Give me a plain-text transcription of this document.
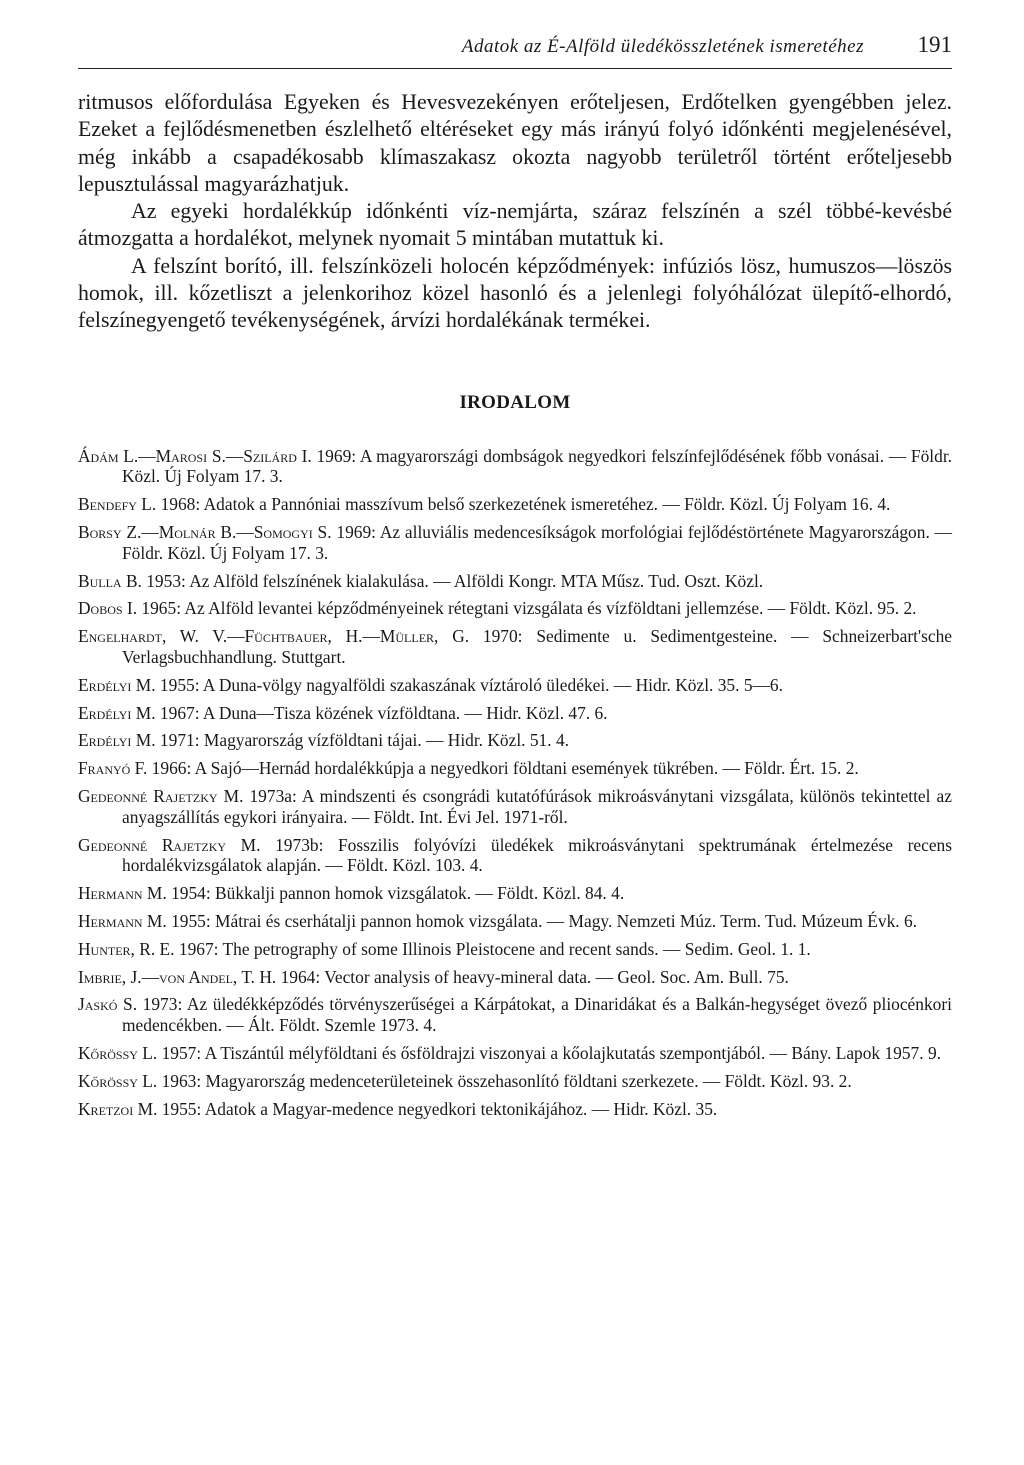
Adatok az É-Alföld üledékösszletének ismeretéhez 191

ritmusos előfordulása Egyeken és Hevesvezekényen erőteljesen, Erdőtelken gyengébben jelez. Ezeket a fejlődésmenetben észlelhető eltéréseket egy más irányú folyó időnkénti megjelenésével, még inkább a csapadékosabb klímaszakasz okozta nagyobb területről történt erőteljesebb lepusztulással magyarázhatjuk.

Az egyeki hordalékkúp időnkénti víz-nemjárta, száraz felszínén a szél többé-kevésbé átmozgatta a hordalékot, melynek nyomait 5 mintában mutattuk ki.

A felszínt borító, ill. felszínközeli holocén képződmények: infúziós lösz, humuszos—löszös homok, ill. kőzetliszt a jelenkorihoz közel hasonló és a jelenlegi folyóhálózat ülepítő-elhordó, felszínegyengető tevékenységének, árvízi hordalékának termékei.

IRODALOM
Ádám L.—Marosi S.—Szilárd I. 1969: A magyarországi dombságok negyedkori felszínfejlődésének főbb vonásai. — Földr. Közl. Új Folyam 17. 3.
Bendefy L. 1968: Adatok a Pannóniai masszívum belső szerkezetének ismeretéhez. — Földr. Közl. Új Folyam 16. 4.
Borsy Z.—Molnár B.—Somogyi S. 1969: Az alluviális medencesíkságok morfológiai fejlődéstörténete Magyarországon. — Földr. Közl. Új Folyam 17. 3.
Bulla B. 1953: Az Alföld felszínének kialakulása. — Alföldi Kongr. MTA Műsz. Tud. Oszt. Közl.
Dobos I. 1965: Az Alföld levantei képződményeinek rétegtani vizsgálata és vízföldtani jellemzése. — Földt. Közl. 95. 2.
Engelhardt, W. V.—Füchtbauer, H.—Müller, G. 1970: Sedimente u. Sedimentgesteine. — Schneizerbart'sche Verlagsbuchhandlung. Stuttgart.
Erdélyi M. 1955: A Duna-völgy nagyalföldi szakaszának víztároló üledékei. — Hidr. Közl. 35. 5—6.
Erdélyi M. 1967: A Duna—Tisza közének vízföldtana. — Hidr. Közl. 47. 6.
Erdélyi M. 1971: Magyarország vízföldtani tájai. — Hidr. Közl. 51. 4.
Franyó F. 1966: A Sajó—Hernád hordalékkúpja a negyedkori földtani események tükrében. — Földr. Ért. 15. 2.
Gedeonné Rajetzky M. 1973a: A mindszenti és csongrádi kutatófúrások mikroásványtani vizsgálata, különös tekintettel az anyagszállítás egykori irányaira. — Földt. Int. Évi Jel. 1971-ről.
Gedeonné Rajetzky M. 1973b: Fosszilis folyóvízi üledékek mikroásványtani spektrumának értelmezése recens hordalékvizsgálatok alapján. — Földt. Közl. 103. 4.
Hermann M. 1954: Bükkalji pannon homok vizsgálatok. — Földt. Közl. 84. 4.
Hermann M. 1955: Mátrai és cserhátalji pannon homok vizsgálata. — Magy. Nemzeti Múz. Term. Tud. Múzeum Évk. 6.
Hunter, R. E. 1967: The petrography of some Illinois Pleistocene and recent sands. — Sedim. Geol. 1. 1.
Imbrie, J.—von Andel, T. H. 1964: Vector analysis of heavy-mineral data. — Geol. Soc. Am. Bull. 75.
Jaskó S. 1973: Az üledékképződés törvényszerűségei a Kárpátokat, a Dinaridákat és a Balkán-hegységet övező pliocénkori medencékben. — Ált. Földt. Szemle 1973. 4.
Kőrössy L. 1957: A Tiszántúl mélyföldtani és ősföldrajzi viszonyai a kőolajkutatás szempontjából. — Bány. Lapok 1957. 9.
Kőrössy L. 1963: Magyarország medenceterületeinek összehasonlító földtani szerkezete. — Földt. Közl. 93. 2.
Kretzoi M. 1955: Adatok a Magyar-medence negyedkori tektonikájához. — Hidr. Közl. 35.
